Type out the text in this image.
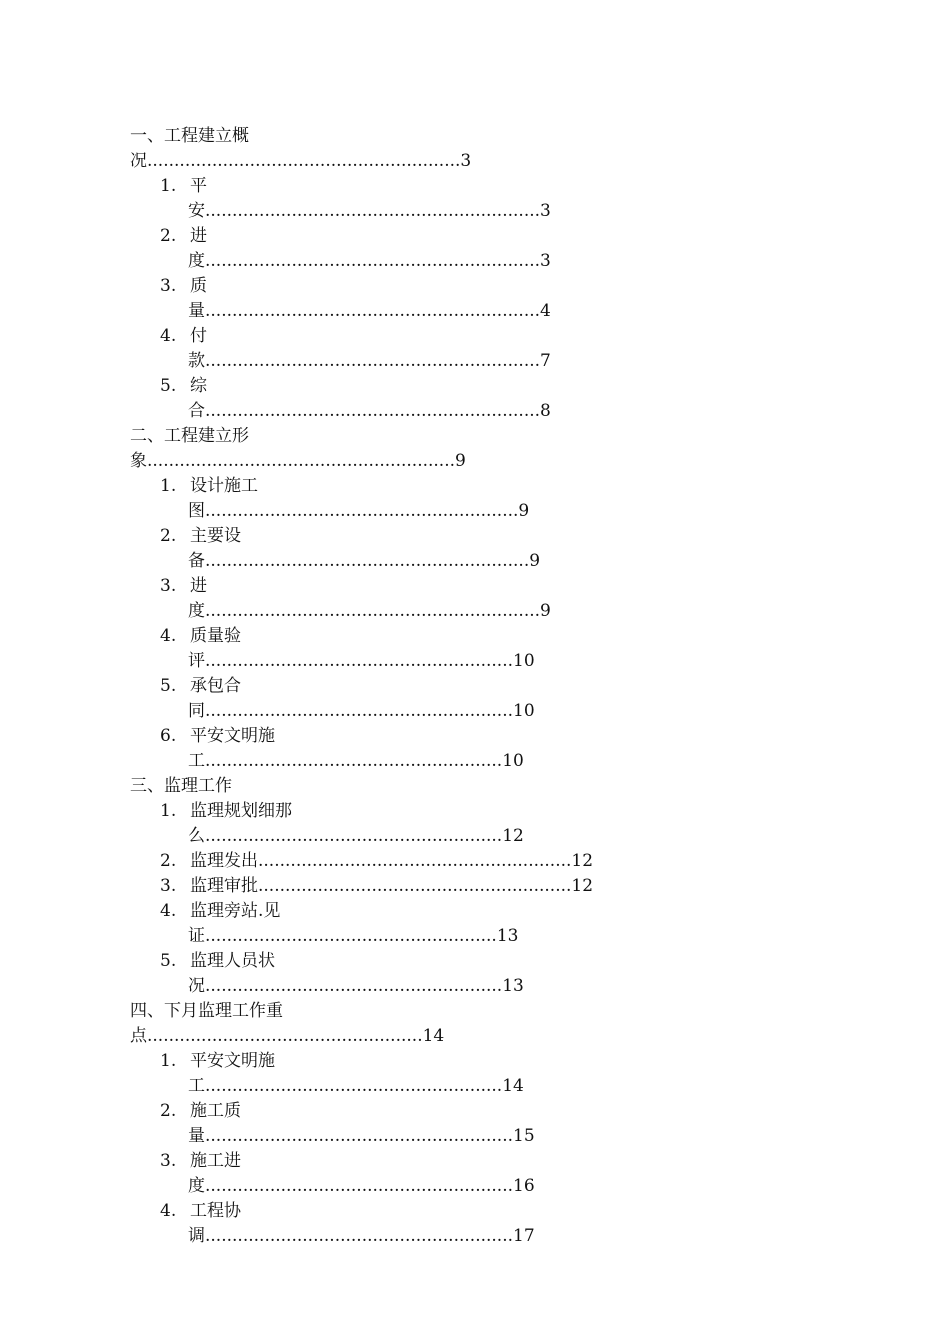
一、工程建立概
况..........................................................3
1. 平
安..............................................................3
2. 进
度..............................................................3
3. 质
量..............................................................4
4. 付
款..............................................................7
5. 综
合..............................................................8
二、工程建立形
象.........................................................9
1. 设计施工
图..........................................................9
2. 主要设
备............................................................9
3. 进
度..............................................................9
4. 质量验
评.........................................................10
5. 承包合
同.........................................................10
6. 平安文明施
工.......................................................10
三、监理工作
1. 监理规划细那
么.......................................................12
2. 监理发出..........................................................12
3. 监理审批..........................................................12
4. 监理旁站.见
证......................................................13
5. 监理人员状
况.......................................................13
四、下月监理工作重
点...................................................14
1. 平安文明施
工.......................................................14
2. 施工质
量.........................................................15
3. 施工进
度.........................................................16
4. 工程协
调.........................................................17
